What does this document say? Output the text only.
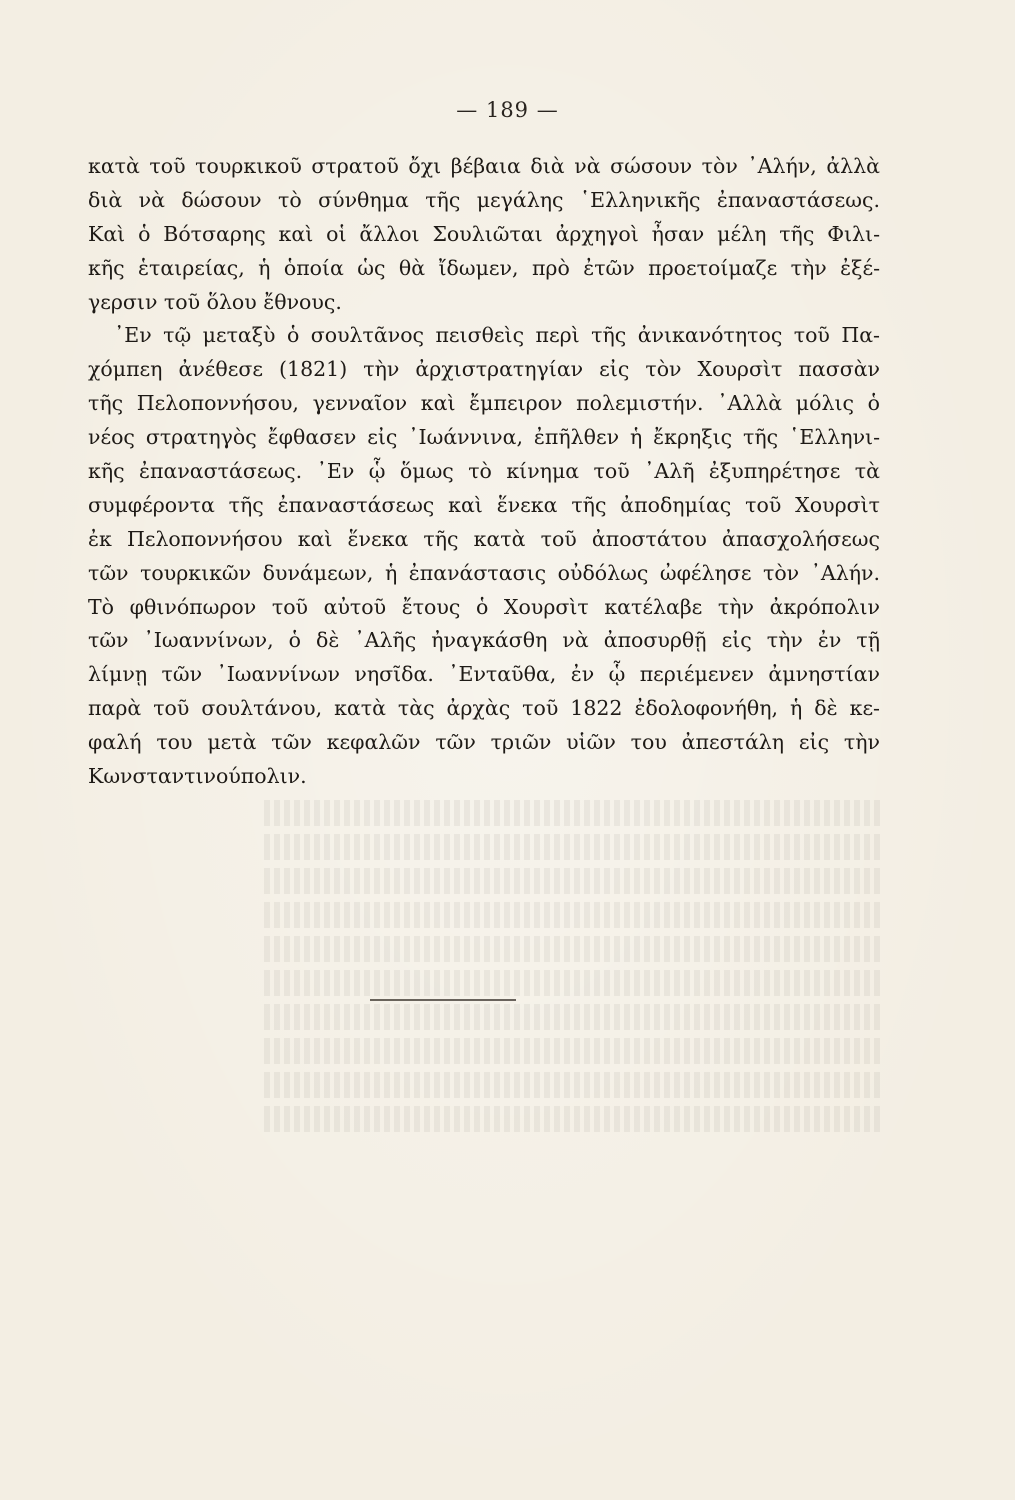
— 189 —
κατὰ τοῦ τουρκικοῦ στρατοῦ ὄχι βέβαια διὰ νὰ σώσουν τὸν ᾿Αλήν, ἀλλὰ
διὰ νὰ δώσουν τὸ σύνθημα τῆς μεγάλης ῾Ελληνικῆς ἐπαναστάσεως.
Καὶ ὁ Βότσαρης καὶ οἱ ἄλλοι Σουλιῶται ἀρχηγοὶ ἦσαν μέλη τῆς Φιλι-
κῆς ἑταιρείας, ἡ ὁποία ὡς θὰ ἴδωμεν, πρὸ ἐτῶν προετοίμαζε τὴν ἐξέ-
γερσιν τοῦ ὅλου ἔθνους.
᾿Εν τῷ μεταξὺ ὁ σουλτᾶνος πεισθεὶς περὶ τῆς ἀνικανότητος τοῦ Πα-
χόμπεη ἀνέθεσε (1821) τὴν ἀρχιστρατηγίαν εἰς τὸν Χουρσὶτ πασσὰν
τῆς Πελοποννήσου, γενναῖον καὶ ἔμπειρον πολεμιστήν. ᾿Αλλὰ μόλις ὁ
νέος στρατηγὸς ἔφθασεν εἰς ᾿Ιωάννινα, ἐπῆλθεν ἡ ἔκρηξις τῆς ῾Ελληνι-
κῆς ἐπαναστάσεως. ᾿Εν ᾧ ὅμως τὸ κίνημα τοῦ ᾿Αλῆ ἐξυπηρέτησε τὰ
συμφέροντα τῆς ἐπαναστάσεως καὶ ἕνεκα τῆς ἀποδημίας τοῦ Χουρσὶτ
ἐκ Πελοποννήσου καὶ ἕνεκα τῆς κατὰ τοῦ ἀποστάτου ἀπασχολήσεως
τῶν τουρκικῶν δυνάμεων, ἡ ἐπανάστασις οὐδόλως ὠφέλησε τὸν ᾿Αλήν.
Τὸ φθινόπωρον τοῦ αὐτοῦ ἔτους ὁ Χουρσὶτ κατέλαβε τὴν ἀκρόπολιν
τῶν ᾿Ιωαννίνων, ὁ δὲ ᾿Αλῆς ἠναγκάσθη νὰ ἀποσυρθῇ εἰς τὴν ἐν τῇ
λίμνῃ τῶν ᾿Ιωαννίνων νησῖδα. ᾿Ενταῦθα, ἐν ᾧ περιέμενεν ἀμνηστίαν
παρὰ τοῦ σουλτάνου, κατὰ τὰς ἀρχὰς τοῦ 1822 ἐδολοφονήθη, ἡ δὲ κε-
φαλή του μετὰ τῶν κεφαλῶν τῶν τριῶν υἱῶν του ἀπεστάλη εἰς τὴν
Κωνσταντινούπολιν.
